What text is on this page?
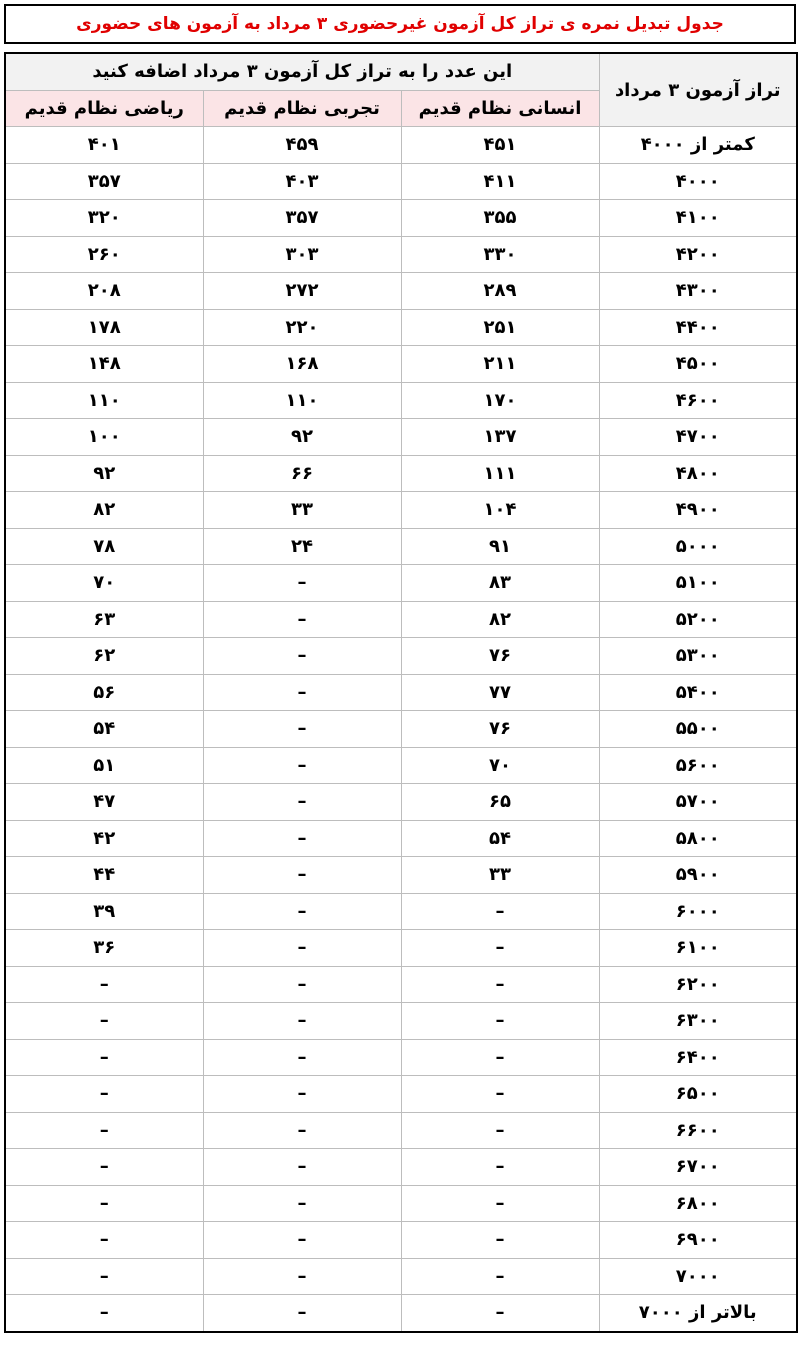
جدول تبدیل نمره ی تراز کل آزمون غیرحضوری ۳ مرداد به آزمون های حضوری
تراز آزمون ۳ مرداد	این عدد را به تراز کل آزمون ۳ مرداد اضافه کنید		
	انسانی نظام قدیم	تجربی نظام قدیم	ریاضی نظام قدیم
کمتر از ۴۰۰۰	۴۵۱	۴۵۹	۴۰۱
۴۰۰۰	۴۱۱	۴۰۳	۳۵۷
۴۱۰۰	۳۵۵	۳۵۷	۳۲۰
۴۲۰۰	۳۳۰	۳۰۳	۲۶۰
۴۳۰۰	۲۸۹	۲۷۲	۲۰۸
۴۴۰۰	۲۵۱	۲۲۰	۱۷۸
۴۵۰۰	۲۱۱	۱۶۸	۱۴۸
۴۶۰۰	۱۷۰	۱۱۰	۱۱۰
۴۷۰۰	۱۳۷	۹۲	۱۰۰
۴۸۰۰	۱۱۱	۶۶	۹۲
۴۹۰۰	۱۰۴	۳۳	۸۲
۵۰۰۰	۹۱	۲۴	۷۸
۵۱۰۰	۸۳	–	۷۰
۵۲۰۰	۸۲	–	۶۳
۵۳۰۰	۷۶	–	۶۲
۵۴۰۰	۷۷	–	۵۶
۵۵۰۰	۷۶	–	۵۴
۵۶۰۰	۷۰	–	۵۱
۵۷۰۰	۶۵	–	۴۷
۵۸۰۰	۵۴	–	۴۲
۵۹۰۰	۳۳	–	۴۴
۶۰۰۰	–	–	۳۹
۶۱۰۰	–	–	۳۶
۶۲۰۰	–	–	–
۶۳۰۰	–	–	–
۶۴۰۰	–	–	–
۶۵۰۰	–	–	–
۶۶۰۰	–	–	–
۶۷۰۰	–	–	–
۶۸۰۰	–	–	–
۶۹۰۰	–	–	–
۷۰۰۰	–	–	–
بالاتر از ۷۰۰۰	–	–	–
